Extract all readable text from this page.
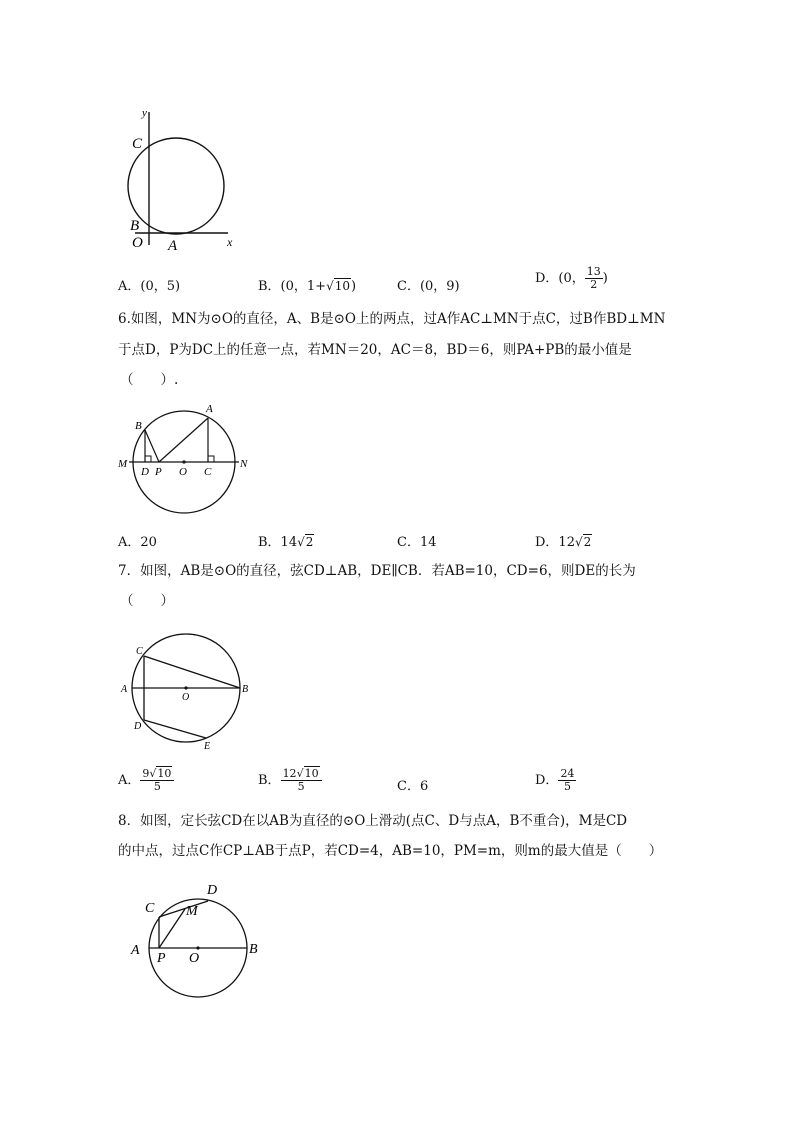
y
x
C
B
O A
A．(0，5)	B．(0，1+√10)	C．(0，9)
D．(0， $\frac{13}{2}$ )
6.如图，MN为⊙O的直径，A、B是⊙O上的两点，过A作AC⊥MN于点C，过B作BD⊥MN
于点D，P为DC上的任意一点，若MN＝20，AC＝8，BD＝6，则PA+PB的最小值是
（　　）.
B
A
M	N
D P O C
A．20	B．14√2	C．14	D．12√2
7．如图，AB是⊙O的直径，弦CD⊥AB，DE∥CB．若AB=10，CD=6，则DE的长为
（　　）
C
A
O
B
D
E
A． $\frac{9√10}{5}$	B． $\frac{12√10}{5}$	C．6	D． $\frac{24}{5}$
8．如图，定长弦CD在以AB为直径的⊙O上滑动(点C、D与点A，B不重合)，M是CD
的中点，过点C作CP⊥AB于点P，若CD=4，AB=10，PM=m，则m的最大值是（　　）
D
C M
A
P O
B
